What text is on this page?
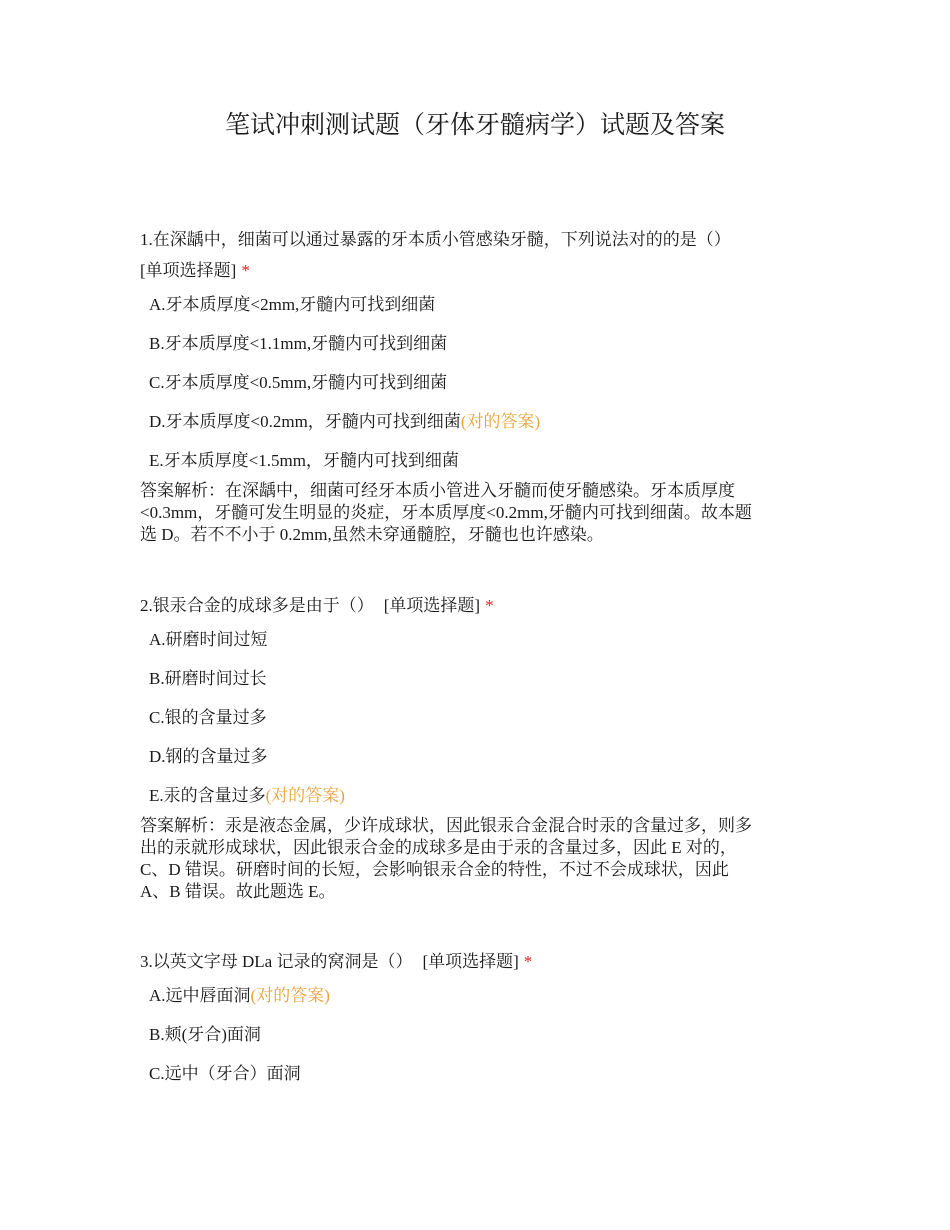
笔试冲刺测试题（牙体牙髓病学）试题及答案
1.在深龋中，细菌可以通过暴露的牙本质小管感染牙髓，下列说法对的的是（）
[单项选择题] *
A.牙本质厚度<2mm,牙髓内可找到细菌
B.牙本质厚度<1.1mm,牙髓内可找到细菌
C.牙本质厚度<0.5mm,牙髓内可找到细菌
D.牙本质厚度<0.2mm，牙髓内可找到细菌(对的答案)
E.牙本质厚度<1.5mm，牙髓内可找到细菌
答案解析：在深龋中，细菌可经牙本质小管进入牙髓而使牙髓感染。牙本质厚度
<0.3mm，牙髓可发生明显的炎症，牙本质厚度<0.2mm,牙髓内可找到细菌。故本题
选 D。若不不小于 0.2mm,虽然未穿通髓腔，牙髓也也许感染。
2.银汞合金的成球多是由于（） [单项选择题] *
A.研磨时间过短
B.研磨时间过长
C.银的含量过多
D.钢的含量过多
E.汞的含量过多(对的答案)
答案解析：汞是液态金属，少许成球状，因此银汞合金混合时汞的含量过多，则多
出的汞就形成球状，因此银汞合金的成球多是由于汞的含量过多，因此 E 对的，
C、D 错误。研磨时间的长短，会影响银汞合金的特性，不过不会成球状，因此
A、B 错误。故此题选 E。
3.以英文字母 DLa 记录的窝洞是（） [单项选择题] *
A.远中唇面洞(对的答案)
B.颊(牙合)面洞
C.远中（牙合）面洞
